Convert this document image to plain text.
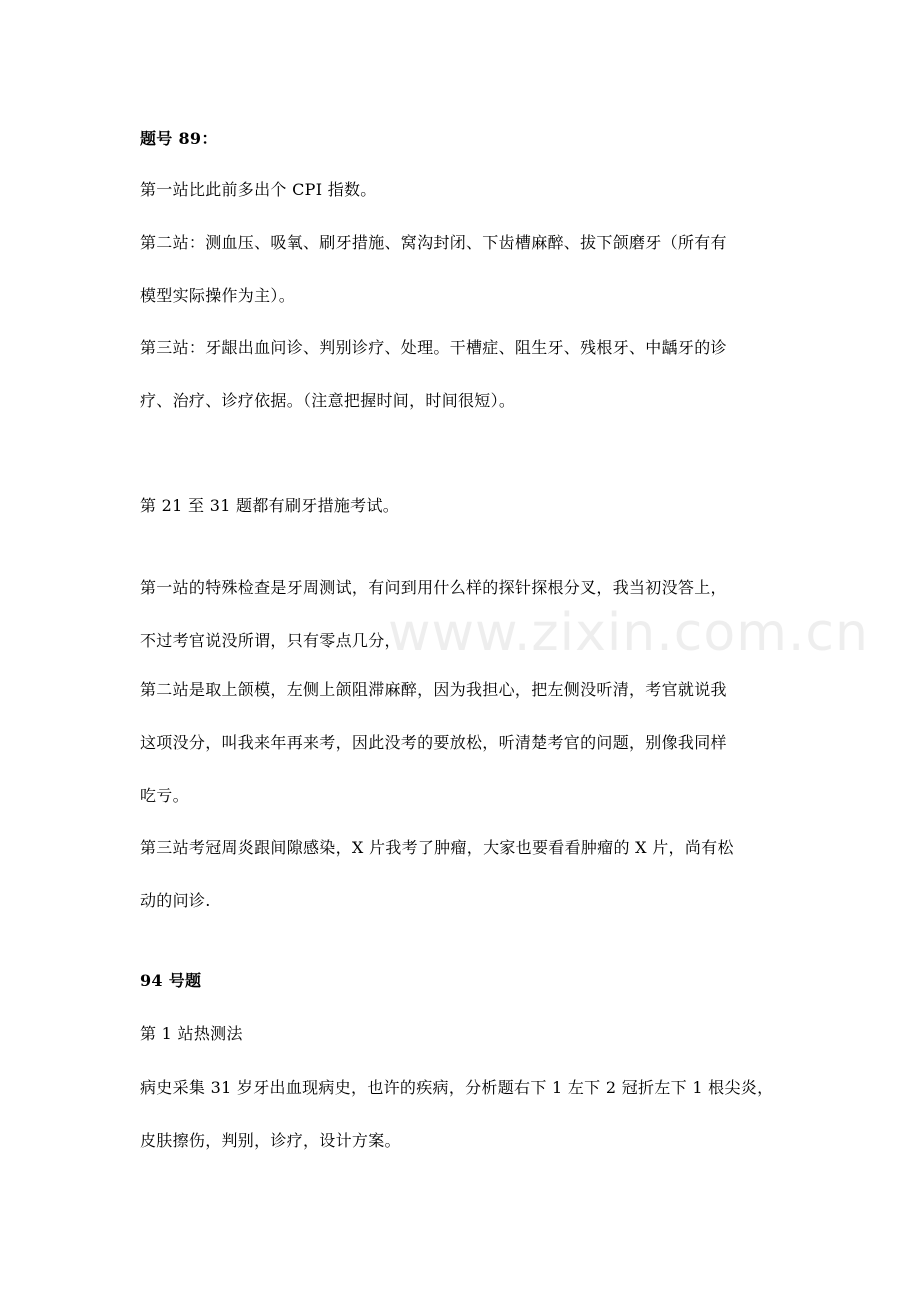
题号 89：
第一站比此前多出个 CPI 指数。
第二站：测血压、吸氧、刷牙措施、窝沟封闭、下齿槽麻醉、拔下颌磨牙（所有有
模型实际操作为主）。
第三站：牙龈出血问诊、判别诊疗、处理。干槽症、阻生牙、残根牙、中龋牙的诊
疗、治疗、诊疗依据。（注意把握时间，时间很短）。
第 21 至 31 题都有刷牙措施考试。
第一站的特殊检查是牙周测试，有问到用什么样的探针探根分叉，我当初没答上，
不过考官说没所谓，只有零点几分，
第二站是取上颌模，左侧上颌阻滞麻醉，因为我担心，把左侧没听清，考官就说我
这项没分，叫我来年再来考，因此没考的要放松，听清楚考官的问题，别像我同样
吃亏。
第三站考冠周炎跟间隙感染，X 片我考了肿瘤，大家也要看看肿瘤的 X 片，尚有松
动的问诊.
94 号题
第 1 站热测法
病史采集 31 岁牙出血现病史，也许的疾病，分析题右下 1 左下 2 冠折左下 1 根尖炎，
皮肤擦伤，判别，诊疗，设计方案。
www.zixin.com.cn
